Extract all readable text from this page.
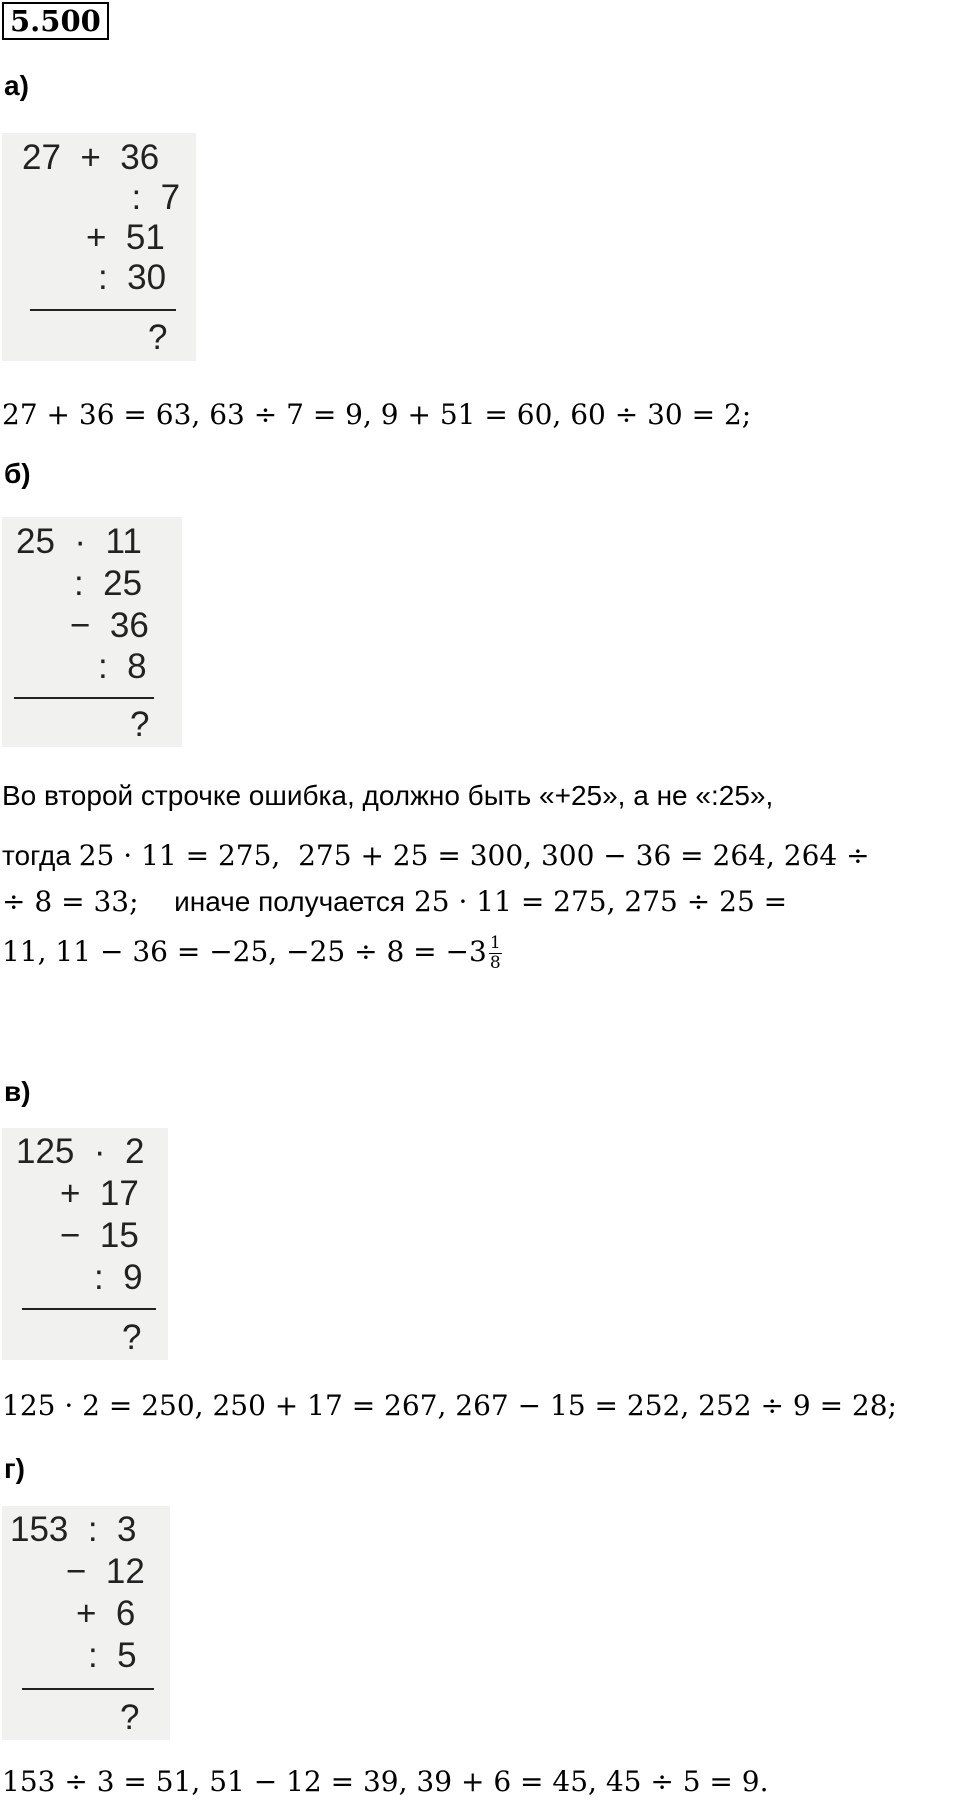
5.500
а)
27  +  36
:  7
+  51
:  30
?
27 + 36 = 63, 63 ÷ 7 = 9, 9 + 51 = 60, 60 ÷ 30 = 2;
б)
25  ·  11
:  25
−  36
:  8
?
Во второй строчке ошибка, должно быть «+25», а не «:25»,
тогда 25 · 11 = 275,  275 + 25 = 300, 300 − 36 = 264, 264 ÷
÷ 8 = 33; иначе получается 25 · 11 = 275, 275 ÷ 25 =
11, 11 − 36 = −25, $-25 \div 8 = -3 \frac{1}{8}$
в)
125  ·  2
+  17
−  15
:  9
?
125 · 2 = 250, 250 + 17 = 267, 267 − 15 = 252, 252 ÷ 9 = 28;
г)
153  :  3
−  12
+  6
:  5
?
153 ÷ 3 = 51, 51 − 12 = 39, 39 + 6 = 45, 45 ÷ 5 = 9.
